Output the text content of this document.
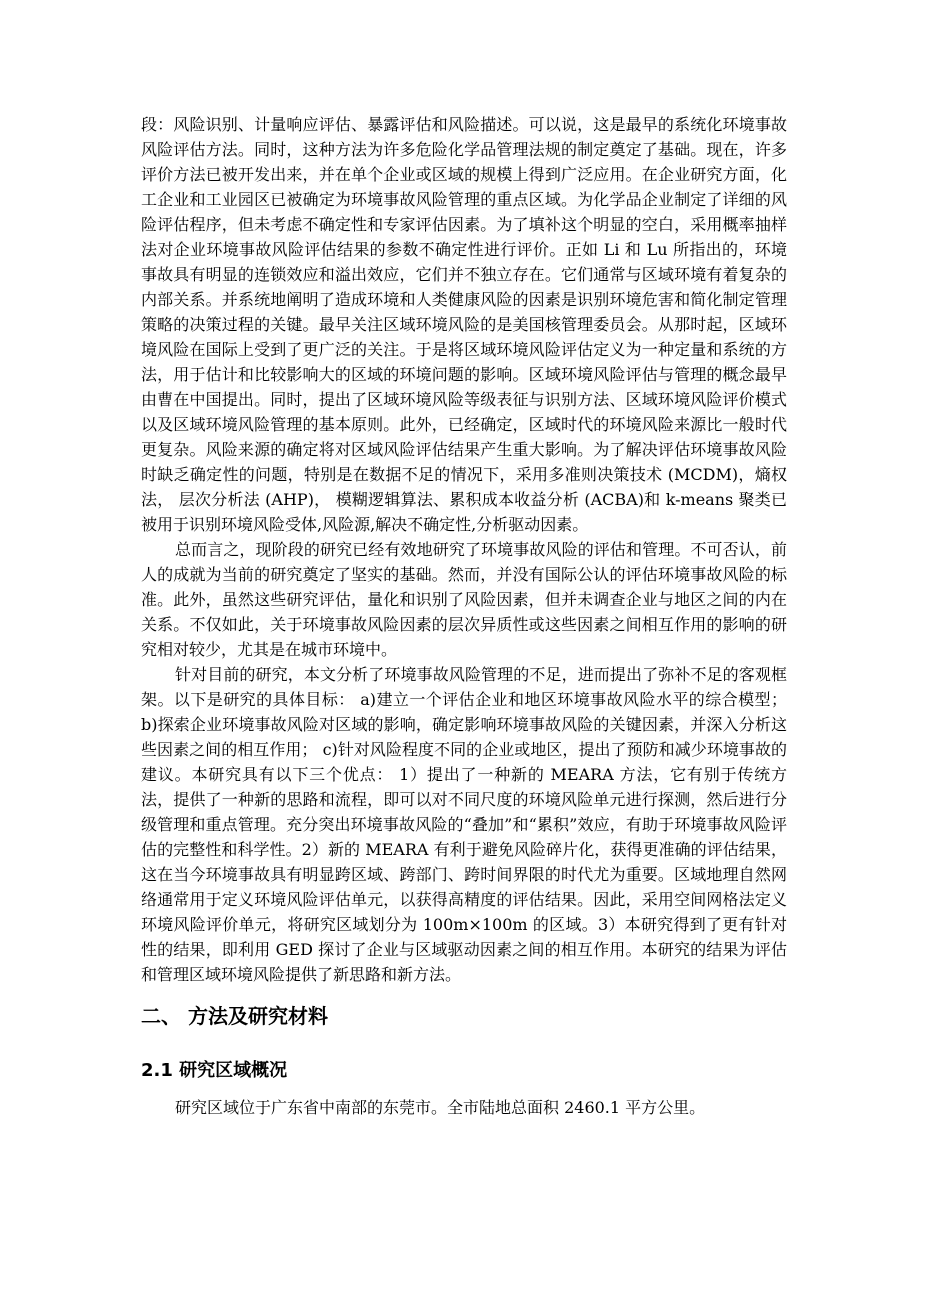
段：风险识别、计量响应评估、暴露评估和风险描述。可以说，这是最早的系统化环境事故风险评估方法。同时，这种方法为许多危险化学品管理法规的制定奠定了基础。现在，许多评价方法已被开发出来，并在单个企业或区域的规模上得到广泛应用。在企业研究方面，化工企业和工业园区已被确定为环境事故风险管理的重点区域。为化学品企业制定了详细的风险评估程序，但未考虑不确定性和专家评估因素。为了填补这个明显的空白，采用概率抽样法对企业环境事故风险评估结果的参数不确定性进行评价。正如 Li 和 Lu 所指出的，环境事故具有明显的连锁效应和溢出效应，它们并不独立存在。它们通常与区域环境有着复杂的内部关系。并系统地阐明了造成环境和人类健康风险的因素是识别环境危害和简化制定管理策略的决策过程的关键。最早关注区域环境风险的是美国核管理委员会。从那时起，区域环境风险在国际上受到了更广泛的关注。于是将区域环境风险评估定义为一种定量和系统的方法，用于估计和比较影响大的区域的环境问题的影响。区域环境风险评估与管理的概念最早由曹在中国提出。同时，提出了区域环境风险等级表征与识别方法、区域环境风险评价模式以及区域环境风险管理的基本原则。此外，已经确定，区域时代的环境风险来源比一般时代更复杂。风险来源的确定将对区域风险评估结果产生重大影响。为了解决评估环境事故风险时缺乏确定性的问题，特别是在数据不足的情况下，采用多准则决策技术 (MCDM)，熵权法， 层次分析法 (AHP)， 模糊逻辑算法、累积成本收益分析 (ACBA)和 k-means 聚类已被用于识别环境风险受体,风险源,解决不确定性,分析驱动因素。

总而言之，现阶段的研究已经有效地研究了环境事故风险的评估和管理。不可否认，前人的成就为当前的研究奠定了坚实的基础。然而，并没有国际公认的评估环境事故风险的标准。此外，虽然这些研究评估，量化和识别了风险因素，但并未调查企业与地区之间的内在关系。不仅如此，关于环境事故风险因素的层次异质性或这些因素之间相互作用的影响的研究相对较少，尤其是在城市环境中。

针对目前的研究，本文分析了环境事故风险管理的不足，进而提出了弥补不足的客观框架。以下是研究的具体目标： a)建立一个评估企业和地区环境事故风险水平的综合模型； b)探索企业环境事故风险对区域的影响，确定影响环境事故风险的关键因素，并深入分析这些因素之间的相互作用； c)针对风险程度不同的企业或地区，提出了预防和减少环境事故的建议。本研究具有以下三个优点： 1）提出了一种新的 MEARA 方法，它有别于传统方法，提供了一种新的思路和流程，即可以对不同尺度的环境风险单元进行探测，然后进行分级管理和重点管理。充分突出环境事故风险的“叠加”和“累积”效应，有助于环境事故风险评估的完整性和科学性。2）新的 MEARA 有利于避免风险碎片化，获得更准确的评估结果，这在当今环境事故具有明显跨区域、跨部门、跨时间界限的时代尤为重要。区域地理自然网络通常用于定义环境风险评估单元，以获得高精度的评估结果。因此，采用空间网格法定义环境风险评价单元，将研究区域划分为 100m×100m 的区域。3）本研究得到了更有针对性的结果，即利用 GED 探讨了企业与区域驱动因素之间的相互作用。本研究的结果为评估和管理区域环境风险提供了新思路和新方法。

二、 方法及研究材料
2.1 研究区域概况

研究区域位于广东省中南部的东莞市。全市陆地总面积 2460.1 平方公里。
